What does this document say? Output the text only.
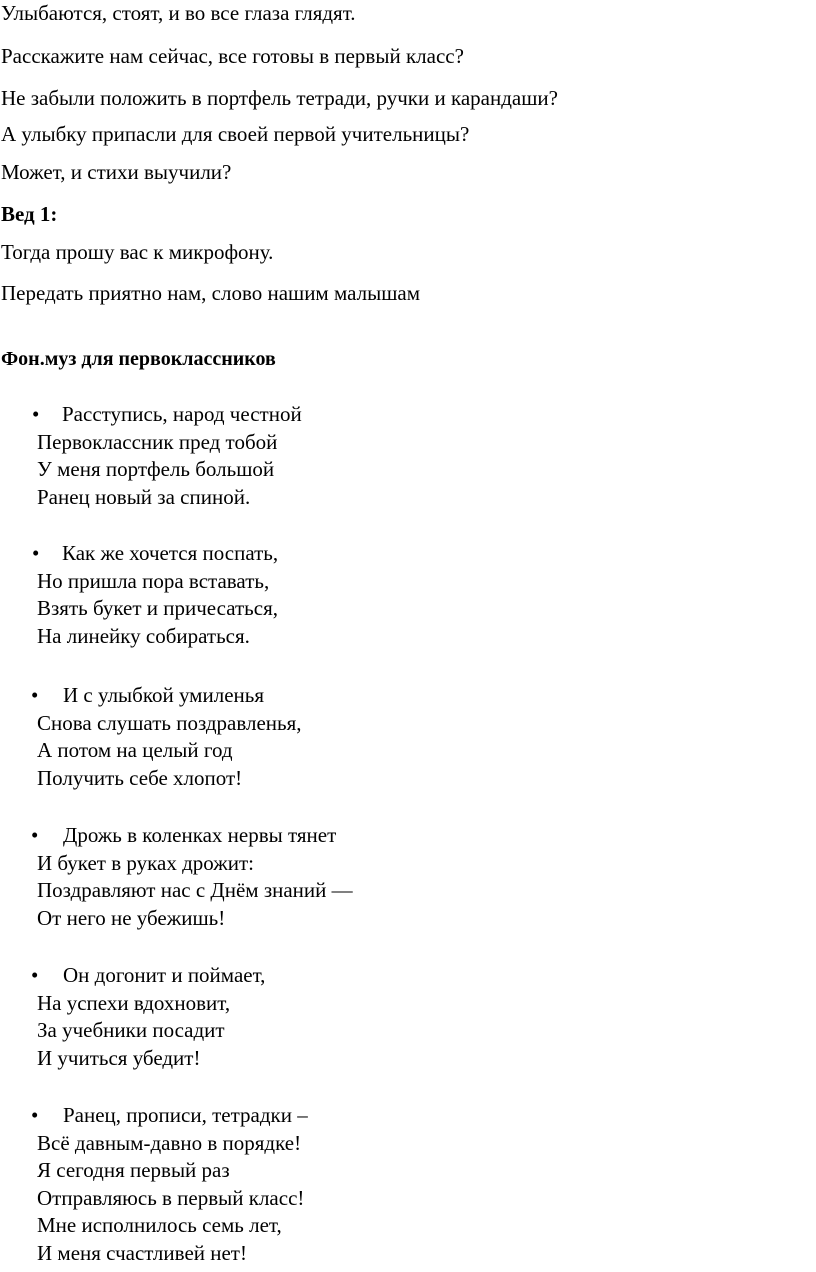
Улыбаются, стоят, и во все глаза глядят.
Расскажите нам сейчас, все готовы в первый класс?
Не забыли положить в портфель тетради, ручки и карандаши?
А улыбку припасли для своей первой учительницы?
Может, и стихи выучили?
Вед 1:
Тогда прошу вас к микрофону.
Передать приятно нам, слово нашим малышам
Фон.муз для первоклассников
• Расступись, народ честной
Первоклассник пред тобой
У меня портфель большой
Ранец новый за спиной.
• Как же хочется поспать,
Но пришла пора вставать,
Взять букет и причесаться,
На линейку собираться.
• И с улыбкой умиленья
Снова слушать поздравленья,
А потом на целый год
Получить себе хлопот!
• Дрожь в коленках нервы тянет
И букет в руках дрожит:
Поздравляют нас с Днём знаний —
От него не убежишь!
• Он догонит и поймает,
На успехи вдохновит,
За учебники посадит
И учиться убедит!
• Ранец, прописи, тетрадки –
Всё давным-давно в порядке!
Я сегодня первый раз
Отправляюсь в первый класс!
Мне исполнилось семь лет,
И меня счастливей нет!
